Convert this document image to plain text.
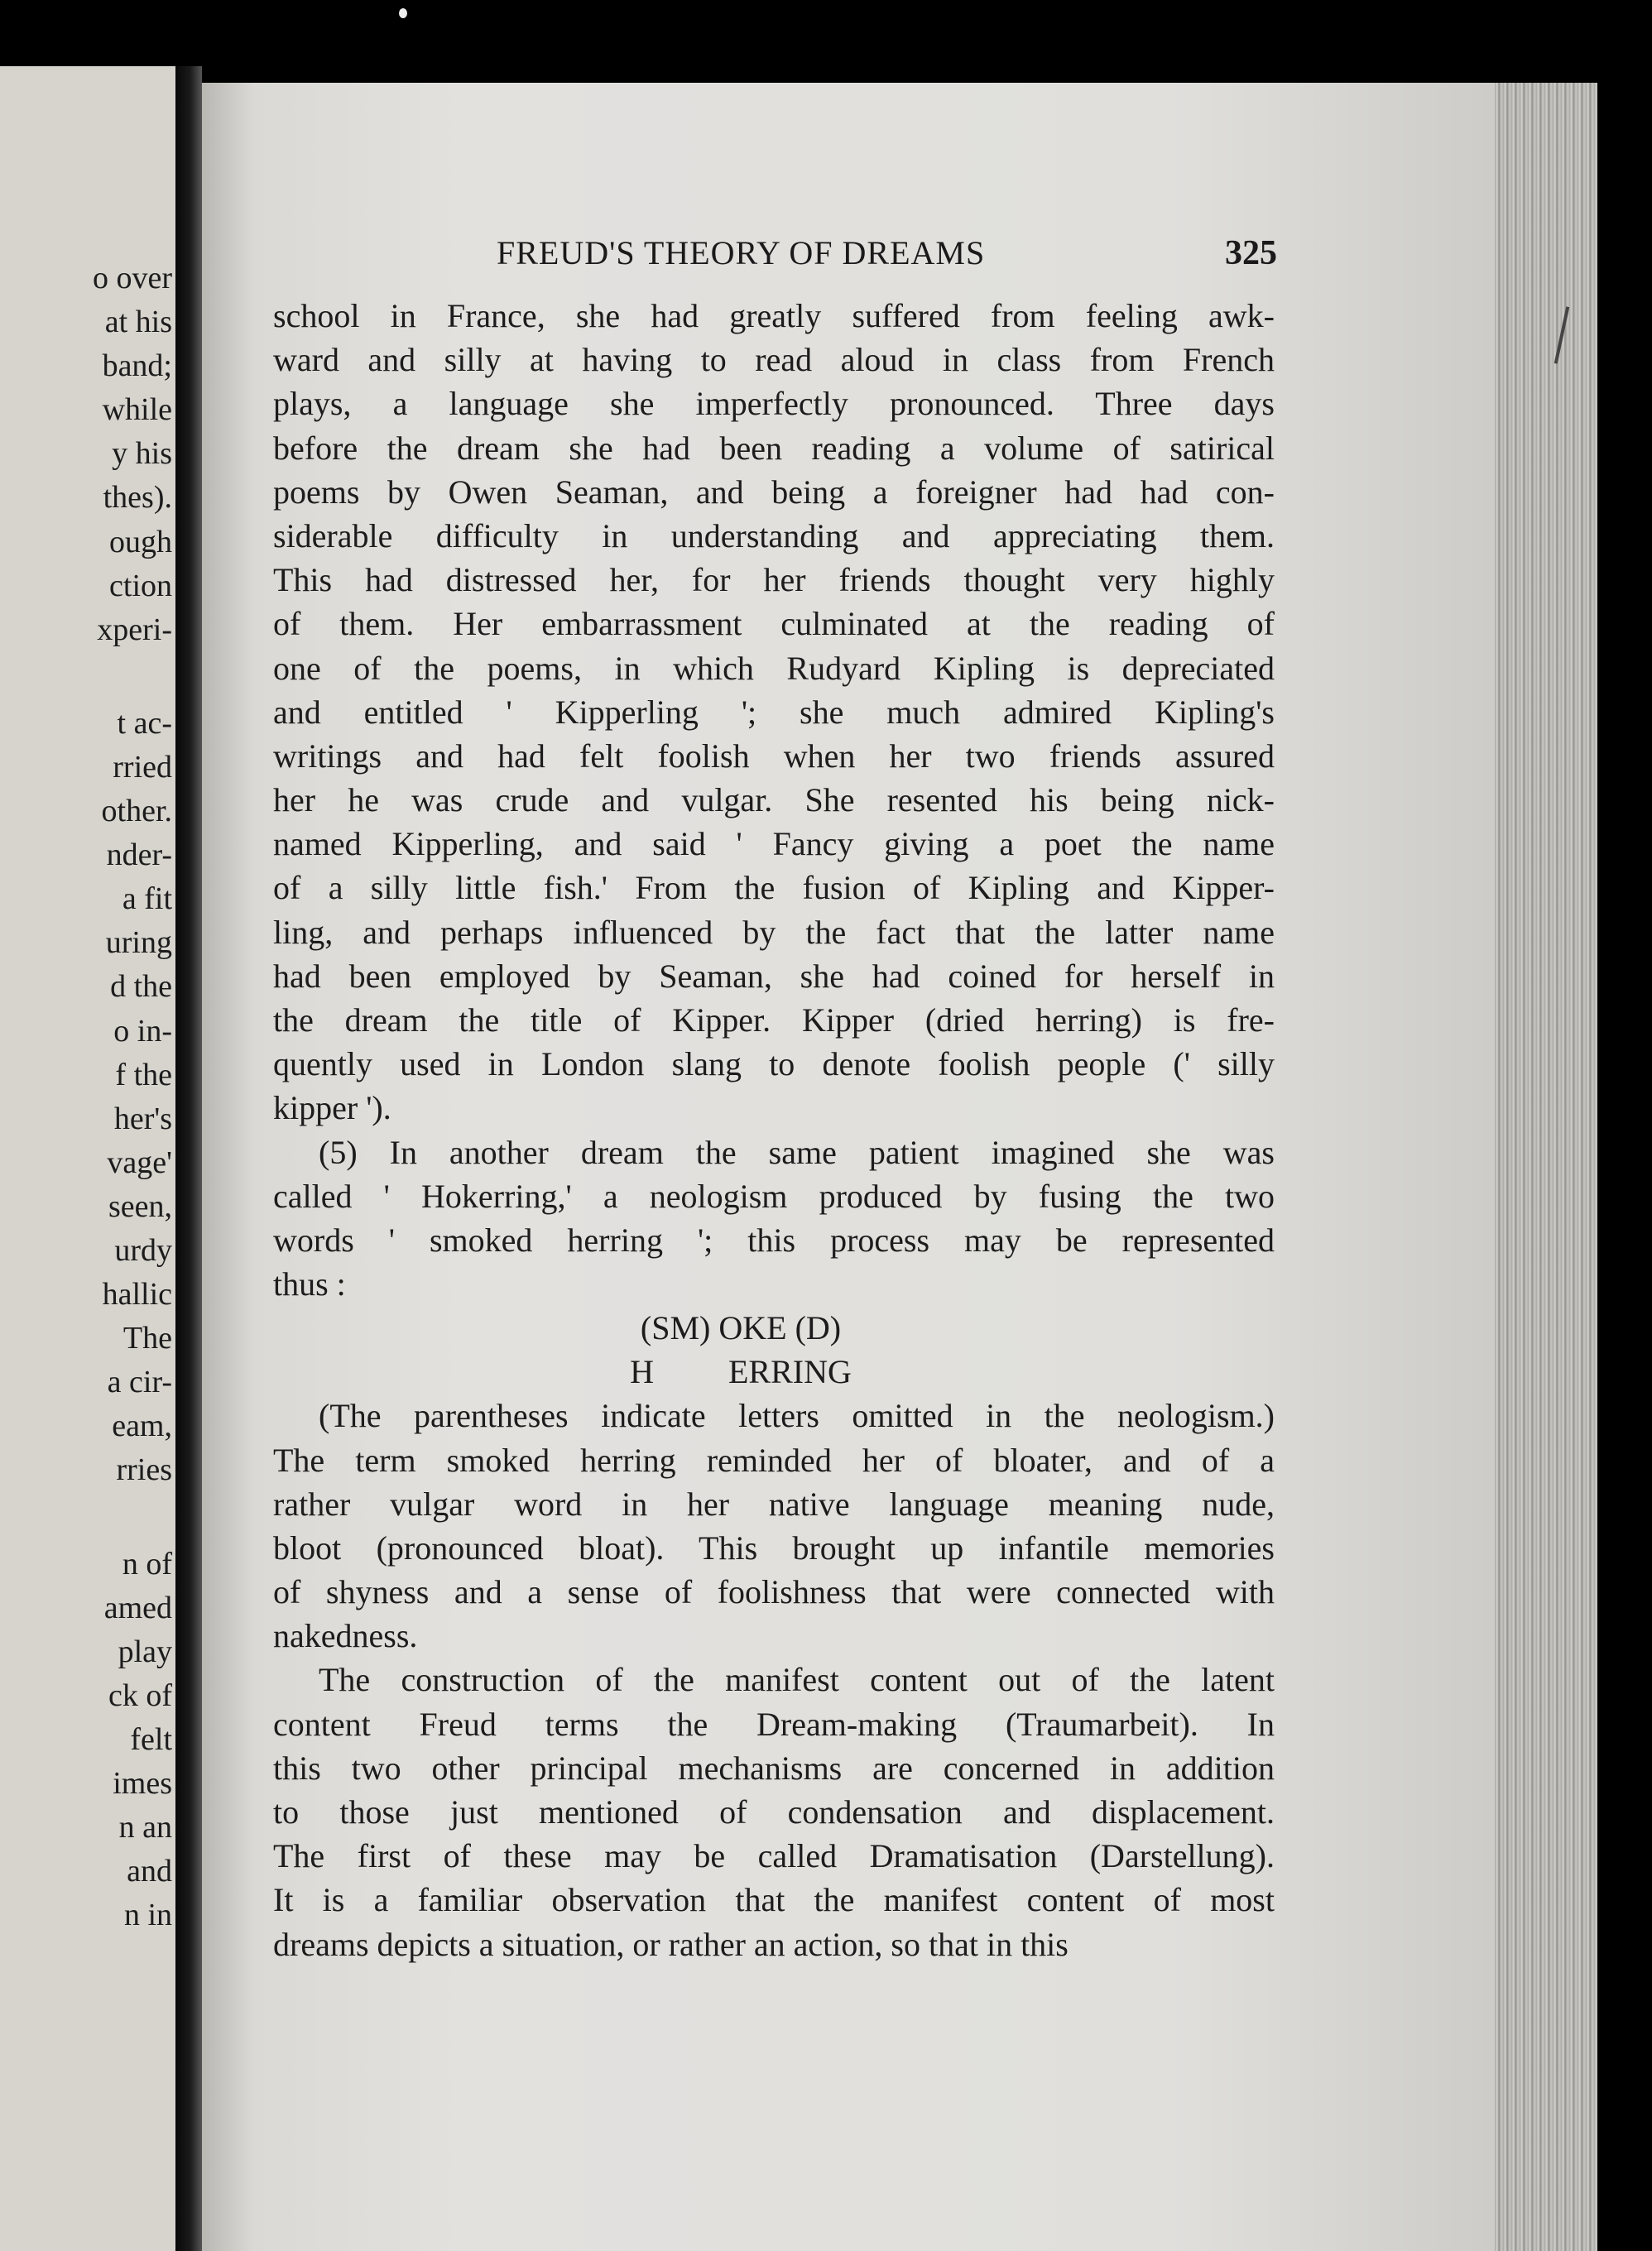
o over
at his
band;
while
y his
thes).
ough
ction
xperi-
t ac-
rried
other.
nder-
a fit
uring
d the
o in-
f the
her's
vage'
seen,
urdy
hallic
The
a cir-
eam,
rries
n of
amed
play
ck of
felt
imes
n an
and
n in
FREUD'S THEORY OF DREAMS	325
school in France, she had greatly suffered from feeling awk-
ward and silly at having to read aloud in class from French
plays, a language she imperfectly pronounced. Three days
before the dream she had been reading a volume of satirical
poems by Owen Seaman, and being a foreigner had had con-
siderable difficulty in understanding and appreciating them.
This had distressed her, for her friends thought very highly
of them. Her embarrassment culminated at the reading of
one of the poems, in which Rudyard Kipling is depreciated
and entitled ' Kipperling '; she much admired Kipling's
writings and had felt foolish when her two friends assured
her he was crude and vulgar. She resented his being nick-
named Kipperling, and said ' Fancy giving a poet the name
of a silly little fish.' From the fusion of Kipling and Kipper-
ling, and perhaps influenced by the fact that the latter name
had been employed by Seaman, she had coined for herself in
the dream the title of Kipper. Kipper (dried herring) is fre-
quently used in London slang to denote foolish people (' silly
kipper ').
(5) In another dream the same patient imagined she was
called ' Hokerring,' a neologism produced by fusing the two
words ' smoked herring '; this process may be represented
thus :
(SM) OKE (D)
H ERRING
(The parentheses indicate letters omitted in the neologism.)
The term smoked herring reminded her of bloater, and of a
rather vulgar word in her native language meaning nude,
bloot (pronounced bloat). This brought up infantile memories
of shyness and a sense of foolishness that were connected with
nakedness.
The construction of the manifest content out of the latent
content Freud terms the Dream-making (Traumarbeit). In
this two other principal mechanisms are concerned in addition
to those just mentioned of condensation and displacement.
The first of these may be called Dramatisation (Darstellung).
It is a familiar observation that the manifest content of most
dreams depicts a situation, or rather an action, so that in this
